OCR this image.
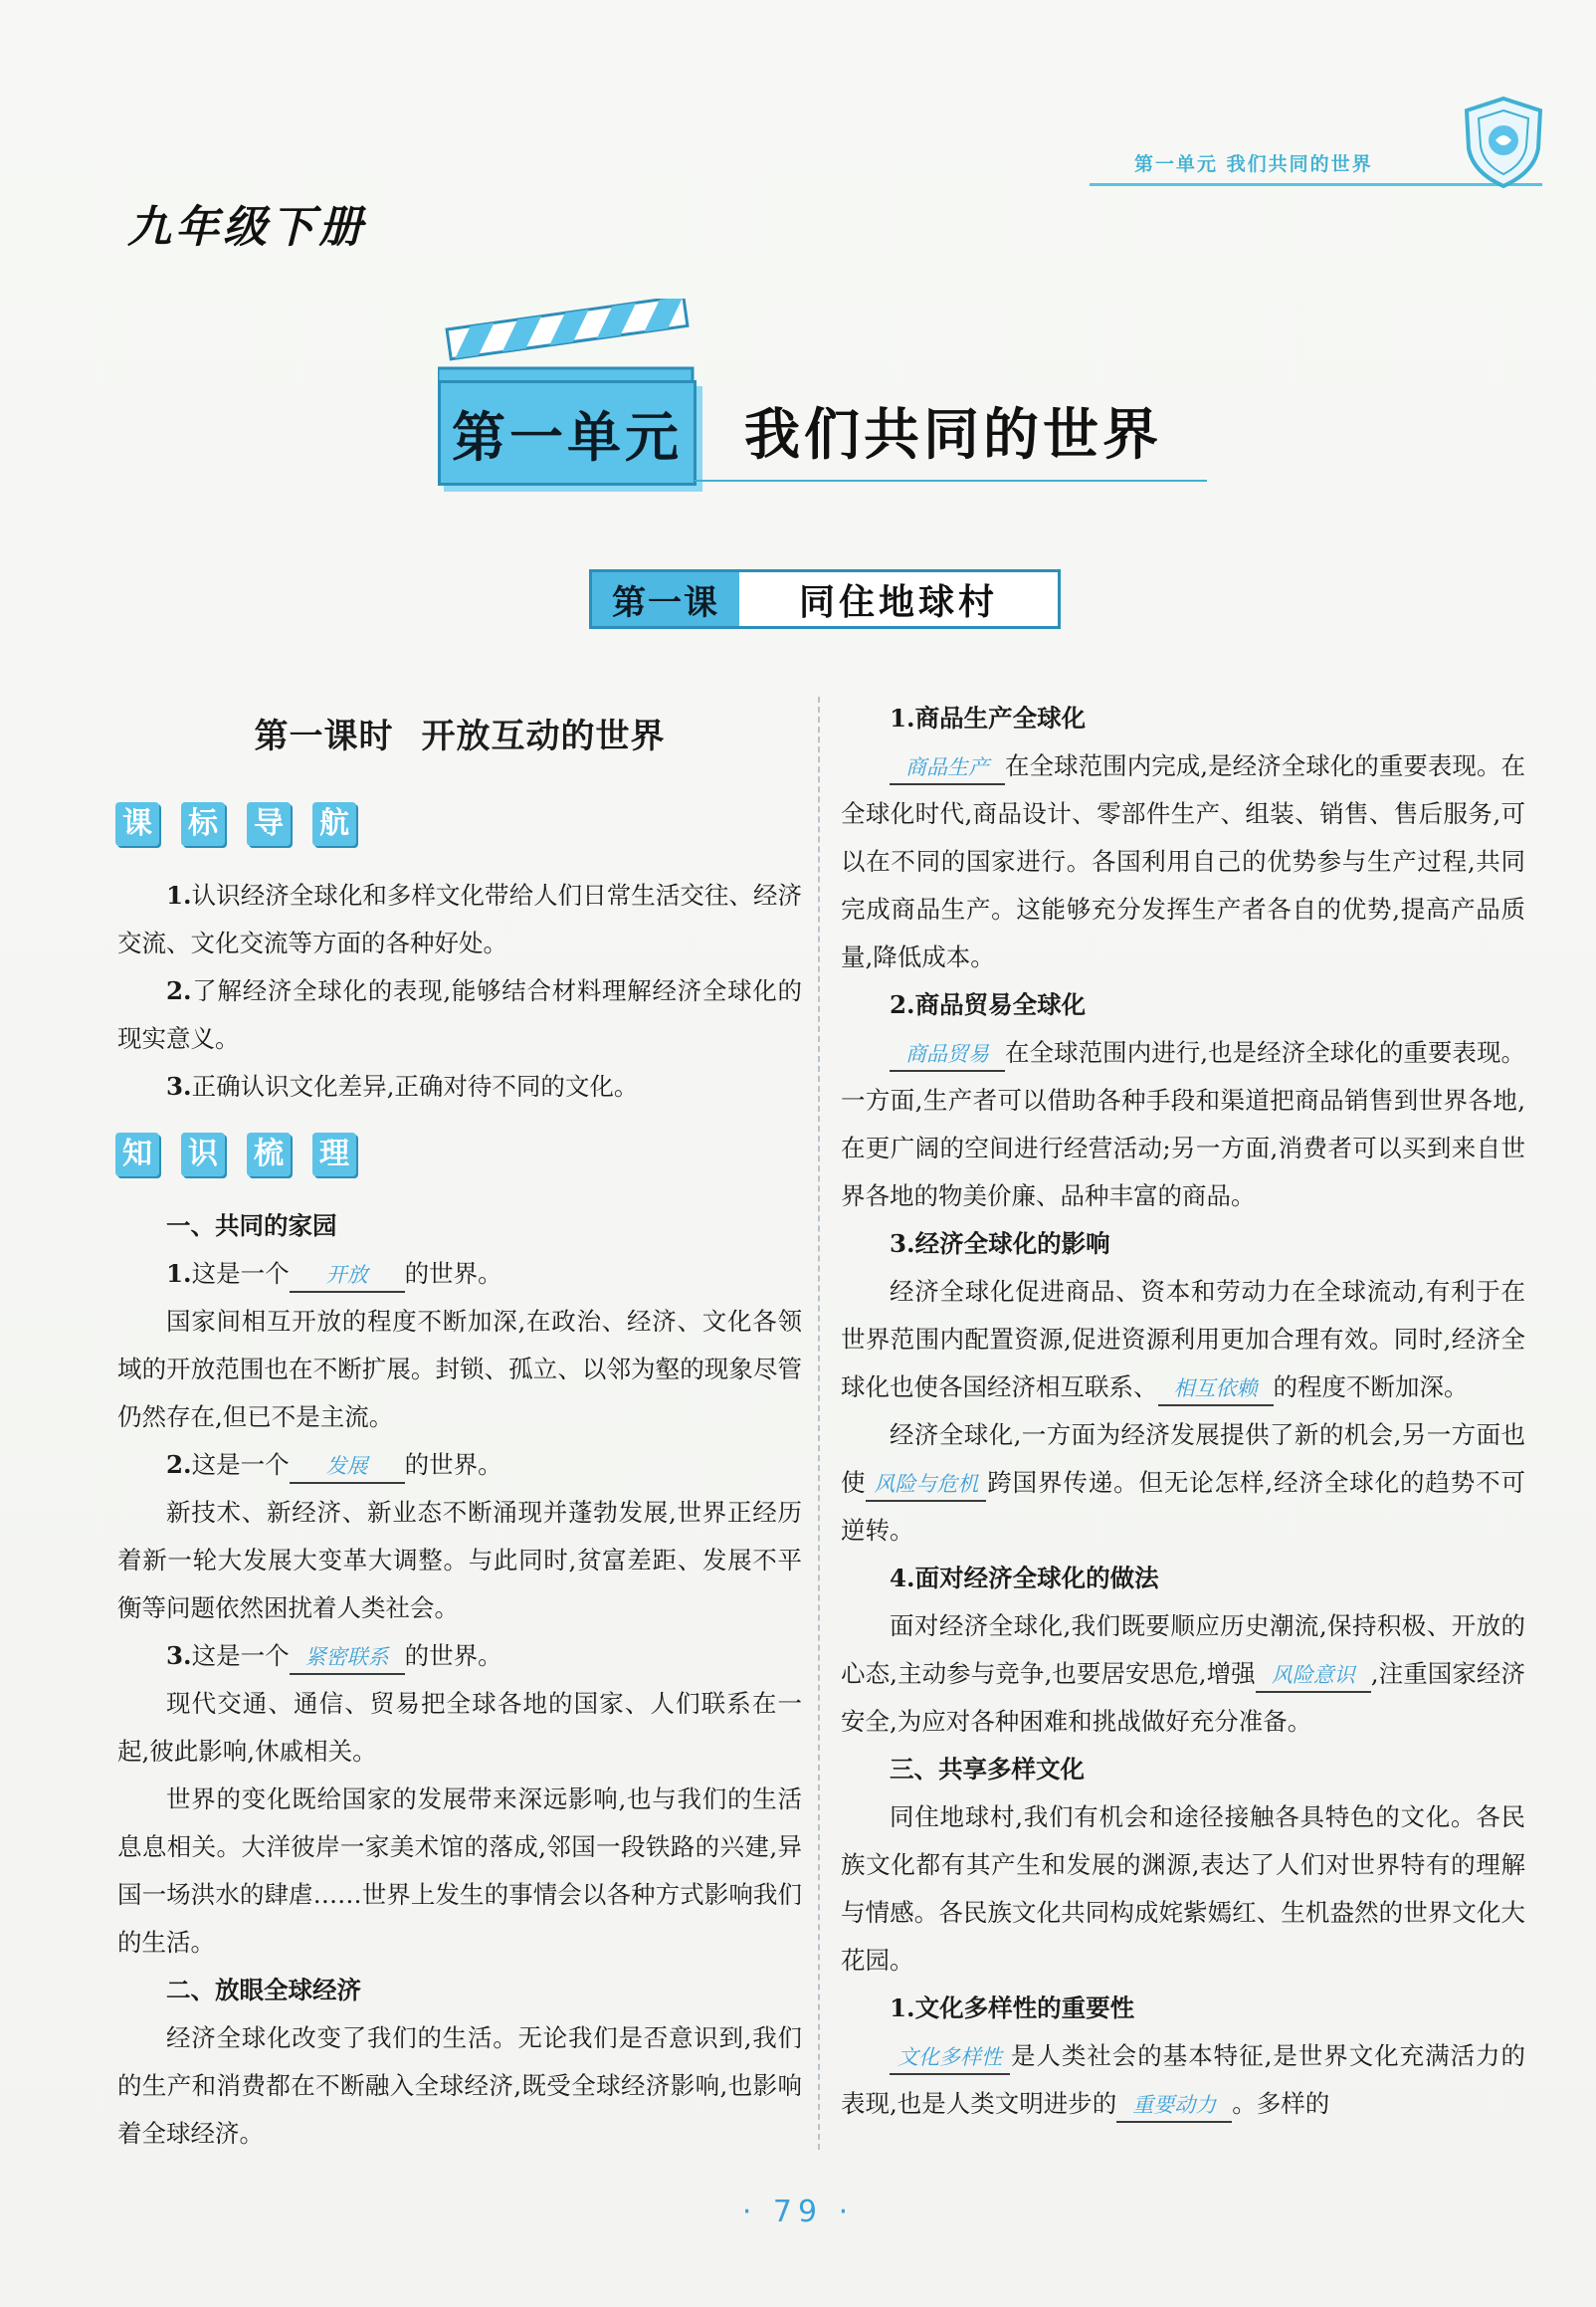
第一单元 我们共同的世界
九年级下册
第一单元 我们共同的世界
第一课	同住地球村
第一课时 开放互动的世界
课 标 导 航

1.认识经济全球化和多样文化带给人们日常生活交往、经济交流、文化交流等方面的各种好处。

2.了解经济全球化的表现,能够结合材料理解经济全球化的现实意义。

3.正确认识文化差异,正确对待不同的文化。

知 识 梳 理

一、共同的家园

1.这是一个 开放 的世界。

国家间相互开放的程度不断加深,在政治、经济、文化各领域的开放范围也在不断扩展。封锁、孤立、以邻为壑的现象尽管仍然存在,但已不是主流。

2.这是一个 发展 的世界。

新技术、新经济、新业态不断涌现并蓬勃发展,世界正经历着新一轮大发展大变革大调整。与此同时,贫富差距、发展不平衡等问题依然困扰着人类社会。

3.这是一个 紧密联系 的世界。

现代交通、通信、贸易把全球各地的国家、人们联系在一起,彼此影响,休戚相关。

世界的变化既给国家的发展带来深远影响,也与我们的生活息息相关。大洋彼岸一家美术馆的落成,邻国一段铁路的兴建,异国一场洪水的肆虐……世界上发生的事情会以各种方式影响我们的生活。

二、放眼全球经济

经济全球化改变了我们的生活。无论我们是否意识到,我们的生产和消费都在不断融入全球经济,既受全球经济影响,也影响着全球经济。

1.商品生产全球化

商品生产 在全球范围内完成,是经济全球化的重要表现。在全球化时代,商品设计、零部件生产、组装、销售、售后服务,可以在不同的国家进行。各国利用自己的优势参与生产过程,共同完成商品生产。这能够充分发挥生产者各自的优势,提高产品质量,降低成本。

2.商品贸易全球化

商品贸易 在全球范围内进行,也是经济全球化的重要表现。一方面,生产者可以借助各种手段和渠道把商品销售到世界各地,在更广阔的空间进行经营活动;另一方面,消费者可以买到来自世界各地的物美价廉、品种丰富的商品。

3.经济全球化的影响

经济全球化促进商品、资本和劳动力在全球流动,有利于在世界范围内配置资源,促进资源利用更加合理有效。同时,经济全球化也使各国经济相互联系、 相互依赖 的程度不断加深。

经济全球化,一方面为经济发展提供了新的机会,另一方面也使 风险与危机 跨国界传递。但无论怎样,经济全球化的趋势不可逆转。

4.面对经济全球化的做法

面对经济全球化,我们既要顺应历史潮流,保持积极、开放的心态,主动参与竞争,也要居安思危,增强 风险意识 ,注重国家经济安全,为应对各种困难和挑战做好充分准备。

三、共享多样文化

同住地球村,我们有机会和途径接触各具特色的文化。各民族文化都有其产生和发展的渊源,表达了人们对世界特有的理解与情感。各民族文化共同构成姹紫嫣红、生机盎然的世界文化大花园。

1.文化多样性的重要性

文化多样性 是人类社会的基本特征,是世界文化充满活力的表现,也是人类文明进步的 重要动力 。多样的

· 79 ·
